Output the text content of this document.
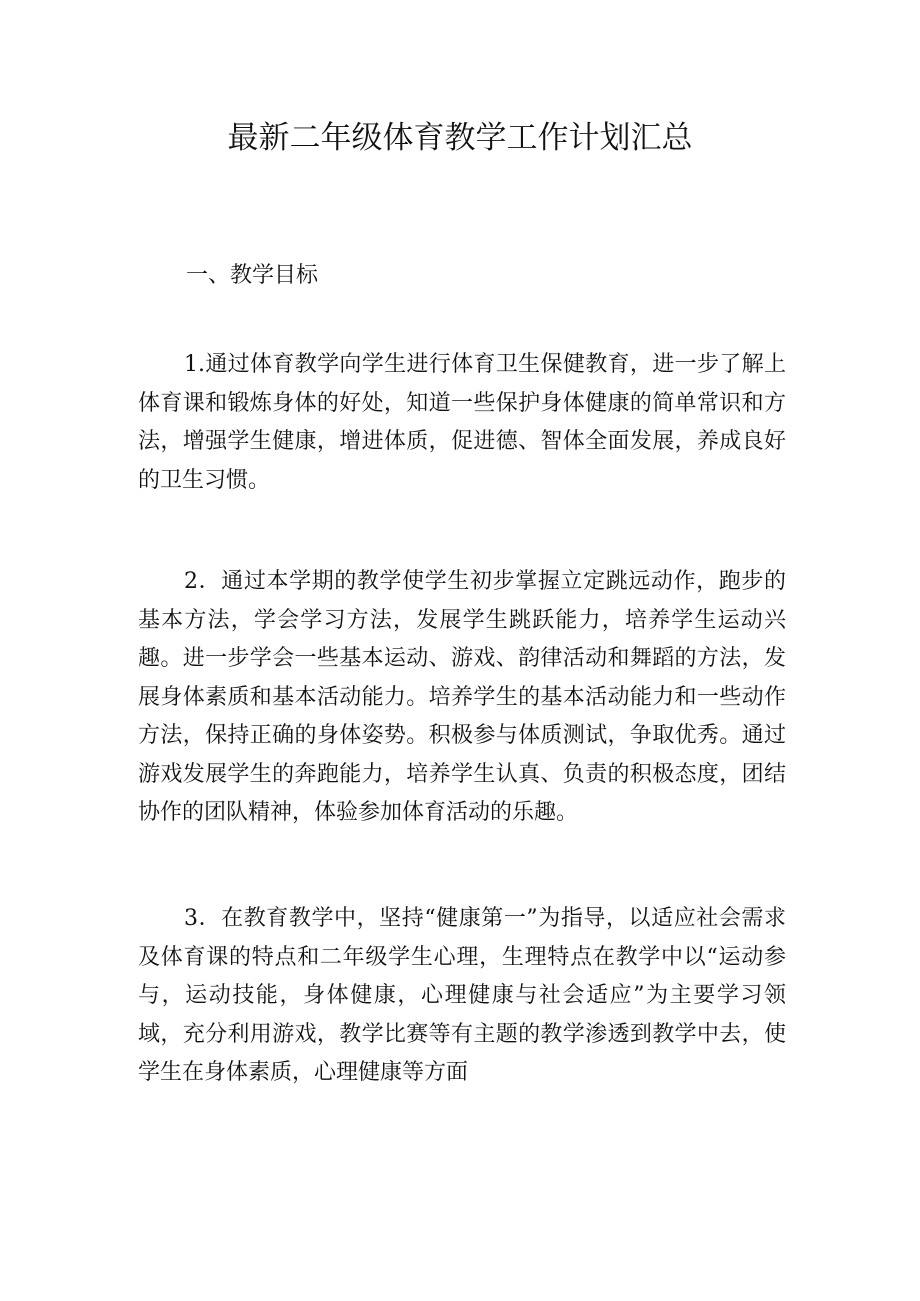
最新二年级体育教学工作计划汇总
一、教学目标

1.通过体育教学向学生进行体育卫生保健教育，进一步了解上体育课和锻炼身体的好处，知道一些保护身体健康的简单常识和方法，增强学生健康，增进体质，促进德、智体全面发展，养成良好的卫生习惯。

2．通过本学期的教学使学生初步掌握立定跳远动作，跑步的基本方法，学会学习方法，发展学生跳跃能力，培养学生运动兴趣。进一步学会一些基本运动、游戏、韵律活动和舞蹈的方法，发展身体素质和基本活动能力。培养学生的基本活动能力和一些动作方法，保持正确的身体姿势。积极参与体质测试，争取优秀。通过游戏发展学生的奔跑能力，培养学生认真、负责的积极态度，团结协作的团队精神，体验参加体育活动的乐趣。

3．在教育教学中，坚持“健康第一”为指导，以适应社会需求及体育课的特点和二年级学生心理，生理特点在教学中以“运动参与，运动技能，身体健康，心理健康与社会适应”为主要学习领域，充分利用游戏，教学比赛等有主题的教学渗透到教学中去，使学生在身体素质，心理健康等方面
